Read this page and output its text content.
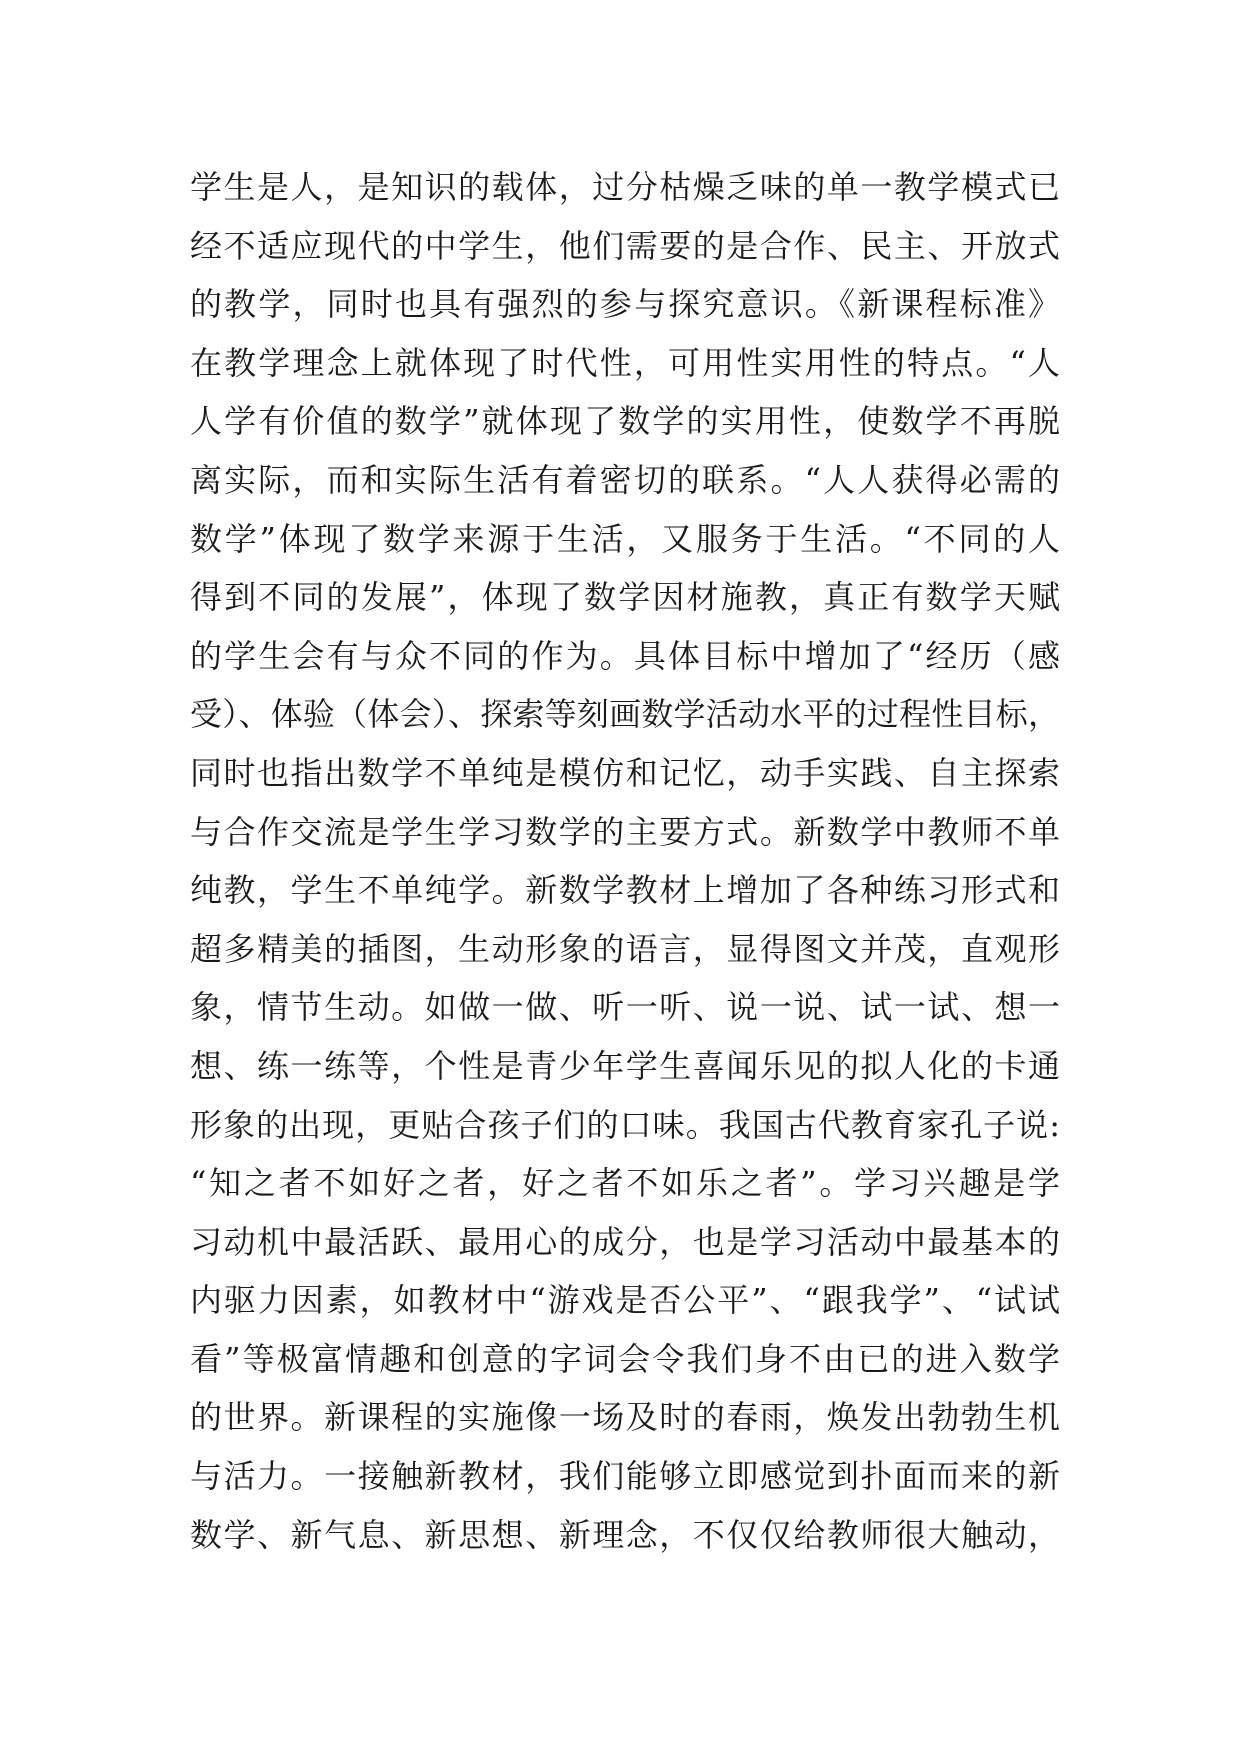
学生是人，是知识的载体，过分枯燥乏味的单一教学模式已
经不适应现代的中学生，他们需要的是合作、民主、开放式
的教学，同时也具有强烈的参与探究意识。《新课程标准》
在教学理念上就体现了时代性，可用性实用性的特点。“人
人学有价值的数学”就体现了数学的实用性，使数学不再脱
离实际，而和实际生活有着密切的联系。“人人获得必需的
数学”体现了数学来源于生活，又服务于生活。“不同的人
得到不同的发展”，体现了数学因材施教，真正有数学天赋
的学生会有与众不同的作为。具体目标中增加了“经历（感
受）、体验（体会）、探索等刻画数学活动水平的过程性目标，
同时也指出数学不单纯是模仿和记忆，动手实践、自主探索
与合作交流是学生学习数学的主要方式。新数学中教师不单
纯教，学生不单纯学。新数学教材上增加了各种练习形式和
超多精美的插图，生动形象的语言，显得图文并茂，直观形
象，情节生动。如做一做、听一听、说一说、试一试、想一
想、练一练等，个性是青少年学生喜闻乐见的拟人化的卡通
形象的出现，更贴合孩子们的口味。我国古代教育家孔子说:
“知之者不如好之者，好之者不如乐之者”。学习兴趣是学
习动机中最活跃、最用心的成分，也是学习活动中最基本的
内驱力因素，如教材中“游戏是否公平”、“跟我学”、“试试
看”等极富情趣和创意的字词会令我们身不由已的进入数学
的世界。新课程的实施像一场及时的春雨，焕发出勃勃生机
与活力。一接触新教材，我们能够立即感觉到扑面而来的新
数学、新气息、新思想、新理念，不仅仅给教师很大触动，
